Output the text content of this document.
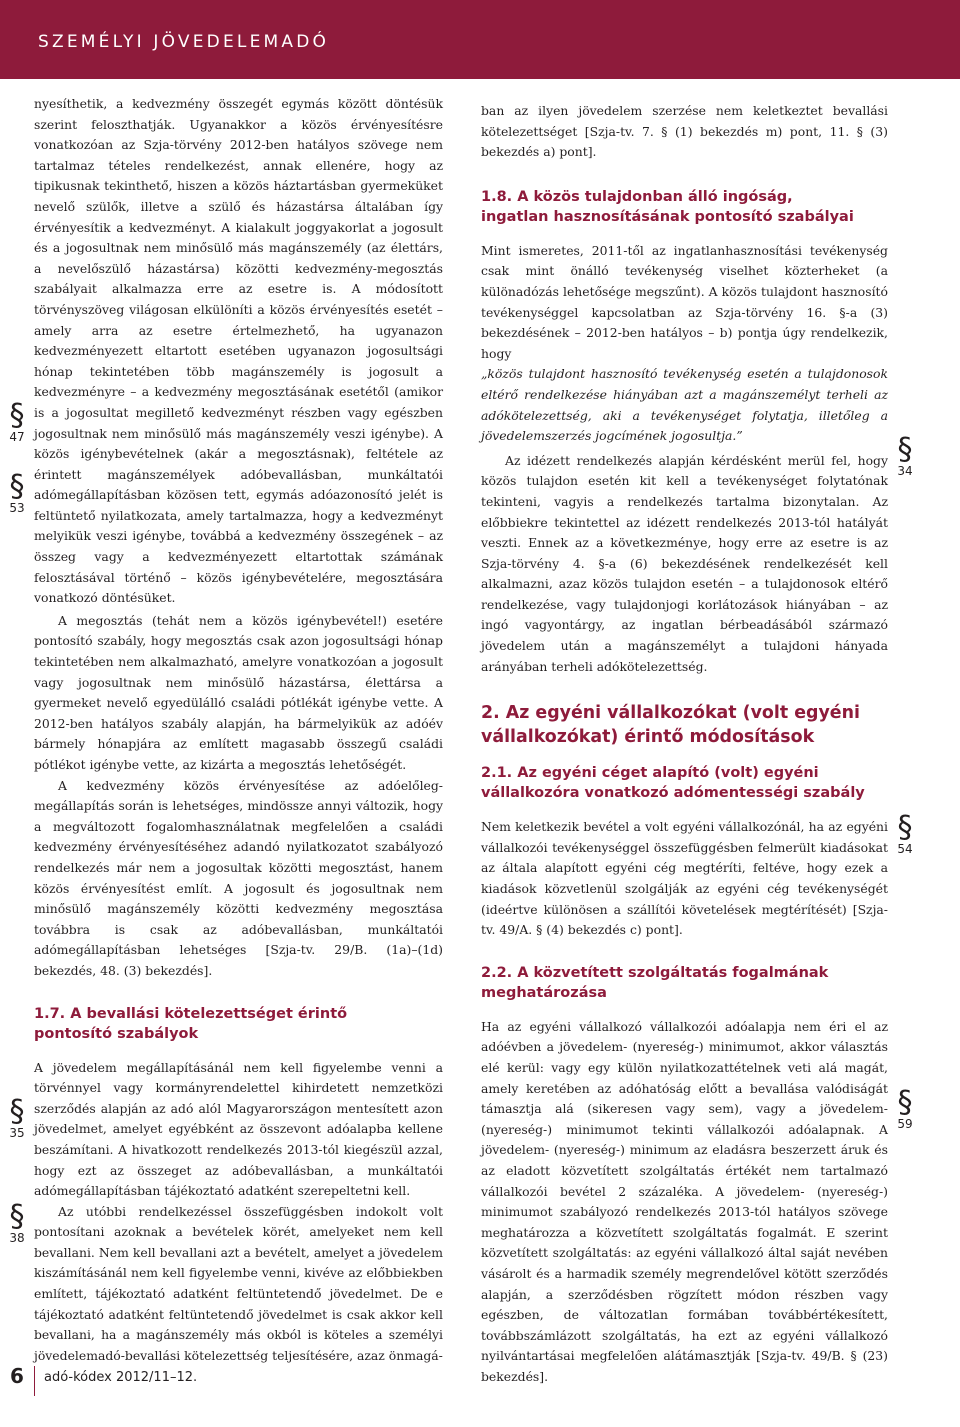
SZEMÉLYI JÖVEDELEMADÓ

nyesíthetik, a kedvezmény összegét egymás között döntésük szerint feloszthatják. Ugyanakkor a közös érvényesítésre vonatkozóan az Szja-törvény 2012-ben hatályos szövege nem tartalmaz tételes rendelkezést, annak ellenére, hogy az tipikusnak tekinthető, hiszen a közös háztartásban gyermeküket nevelő szülők, illetve a szülő és házastársa általában így érvényesítik a kedvezményt. A kialakult joggyakorlat a jogosult és a jogosultnak nem minősülő más magánszemély (az élettárs, a nevelőszülő házastársa) közötti kedvezmény-megosztás szabályait alkalmazza erre az esetre is. A módosított törvényszöveg világosan elkülöníti a közös érvényesítés esetét – amely arra az esetre értelmezhető, ha ugyanazon kedvezményezett eltartott esetében ugyanazon jogosultsági hónap tekintetében több magánszemély is jogosult a kedvezményre – a kedvezmény megosztásának esetétől (amikor is a jogosultat megillető kedvezményt részben vagy egészben jogosultnak nem minősülő más magánszemély veszi igénybe). A közös igénybevételnek (akár a megosztásnak), feltétele az érintett magánszemélyek adóbevallásban, munkáltatói adómegállapításban közösen tett, egymás adóazonosító jelét is feltüntető nyilatkozata, amely tartalmazza, hogy a kedvezményt melyikük veszi igénybe, továbbá a kedvezmény összegének – az összeg vagy a kedvezményezett eltartottak számának felosztásával történő – közös igénybevételére, megosztására vonatkozó döntésüket.

A megosztás (tehát nem a közös igénybevétel!) esetére pontosító szabály, hogy megosztás csak azon jogosultsági hónap tekintetében nem alkalmazható, amelyre vonatkozóan a jogosult vagy jogosultnak nem minősülő házastársa, élettársa a gyermeket nevelő egyedülálló családi pótlékát igénybe vette. A 2012-ben hatályos szabály alapján, ha bármelyikük az adóév bármely hónapjára az említett magasabb összegű családi pótlékot igénybe vette, az kizárta a megosztás lehetőségét.

A kedvezmény közös érvényesítése az adóelőleg-megállapítás során is lehetséges, mindössze annyi változik, hogy a megváltozott fogalomhasználatnak megfelelően a családi kedvezmény érvényesítéséhez adandó nyilatkozatot szabályozó rendelkezés már nem a jogosultak közötti megosztást, hanem közös érvényesítést említ. A jogosult és jogosultnak nem minősülő magánszemély közötti kedvezmény megosztása továbbra is csak az adóbevallásban, munkáltatói adómegállapításban lehetséges [Szja-tv. 29/B. (1a)–(1d) bekezdés, 48. (3) bekezdés].

1.7. A bevallási kötelezettséget érintő

pontosító szabályok

A jövedelem megállapításánál nem kell figyelembe venni a törvénnyel vagy kormányrendelettel kihirdetett nemzetközi szerződés alapján az adó alól Magyarországon mentesített azon jövedelmet, amelyet egyébként az összevont adóalapba kellene beszámítani. A hivatkozott rendelkezés 2013-tól kiegészül azzal, hogy ezt az összeget az adóbevallásban, a munkáltatói adómegállapításban tájékoztató adatként szerepeltetni kell.

Az utóbbi rendelkezéssel összefüggésben indokolt volt pontosítani azoknak a bevételek körét, amelyeket nem kell bevallani. Nem kell bevallani azt a bevételt, amelyet a jövedelem kiszámításánál nem kell figyelembe venni, kivéve az előbbiekben említett, tájékoztató adatként feltüntetendő jövedelmet. De e tájékoztató adatként feltüntetendő jövedelmet is csak akkor kell bevallani, ha a magánszemély más okból is köteles a személyi jövedelemadó-bevallási kötelezettség teljesítésére, azaz önmagá-

ban az ilyen jövedelem szerzése nem keletkeztet bevallási kötelezettséget [Szja-tv. 7. § (1) bekezdés m) pont, 11. § (3) bekezdés a) pont].

1.8. A közös tulajdonban álló ingóság,

ingatlan hasznosításának pontosító szabályai

Mint ismeretes, 2011-től az ingatlanhasznosítási tevékenység csak mint önálló tevékenység viselhet közterheket (a különadózás lehetősége megszűnt). A közös tulajdont hasznosító tevékenységgel kapcsolatban az Szja-törvény 16. §-a (3) bekezdésének – 2012-ben hatályos – b) pontja úgy rendelkezik, hogy

„közös tulajdont hasznosító tevékenység esetén a tulajdonosok eltérő rendelkezése hiányában azt a magánszemélyt terheli az adókötelezettség, aki a tevékenységet folytatja, illetőleg a jövedelemszerzés jogcímének jogosultja.”

Az idézett rendelkezés alapján kérdésként merül fel, hogy közös tulajdon esetén kit kell a tevékenységet folytatónak tekinteni, vagyis a rendelkezés tartalma bizonytalan. Az előbbiekre tekintettel az idézett rendelkezés 2013-tól hatályát veszti. Ennek az a következménye, hogy erre az esetre is az Szja-törvény 4. §-a (6) bekezdésének rendelkezését kell alkalmazni, azaz közös tulajdon esetén – a tulajdonosok eltérő rendelkezése, vagy tulajdonjogi korlátozások hiányában – az ingó vagyontárgy, az ingatlan bérbeadásából származó jövedelem után a magánszemélyt a tulajdoni hányada arányában terheli adókötelezettség.

2. Az egyéni vállalkozókat (volt egyéni

vállalkozókat) érintő módosítások

2.1. Az egyéni céget alapító (volt) egyéni

vállalkozóra vonatkozó adómentességi szabály

Nem keletkezik bevétel a volt egyéni vállalkozónál, ha az egyéni vállalkozói tevékenységgel összefüggésben felmerült kiadásokat az általa alapított egyéni cég megtéríti, feltéve, hogy ezek a kiadások közvetlenül szolgálják az egyéni cég tevékenységét (ideértve különösen a szállítói követelések megtérítését) [Szja-tv. 49/A. § (4) bekezdés c) pont].

2.2. A közvetített szolgáltatás fogalmának

meghatározása

Ha az egyéni vállalkozó vállalkozói adóalapja nem éri el az adóévben a jövedelem- (nyereség-) minimumot, akkor választás elé kerül: vagy egy külön nyilatkozattételnek veti alá magát, amely keretében az adóhatóság előtt a bevallása valódiságát támasztja alá (sikeresen vagy sem), vagy a jövedelem- (nyereség-) minimumot tekinti vállalkozói adóalapnak. A jövedelem- (nyereség-) minimum az eladásra beszerzett áruk és az eladott közvetített szolgáltatás értékét nem tartalmazó vállalkozói bevétel 2 százaléka. A jövedelem- (nyereség-) minimumot szabályozó rendelkezés 2013-tól hatályos szövege meghatározza a közvetített szolgáltatás fogalmát. E szerint közvetített szolgáltatás: az egyéni vállalkozó által saját nevében vásárolt és a harmadik személy megrendelővel kötött szerződés alapján, a szerződésben rögzített módon részben vagy egészben, de változatlan formában továbbértékesített, továbbszámlázott szolgáltatás, ha ezt az egyéni vállalkozó nyilvántartásai megfelelően alátámasztják [Szja-tv. 49/B. § (23) bekezdés].

§
47
§
53
§
35
§
38
§
34
§
54
§
59
6 adó-kódex 2012/11–12.
